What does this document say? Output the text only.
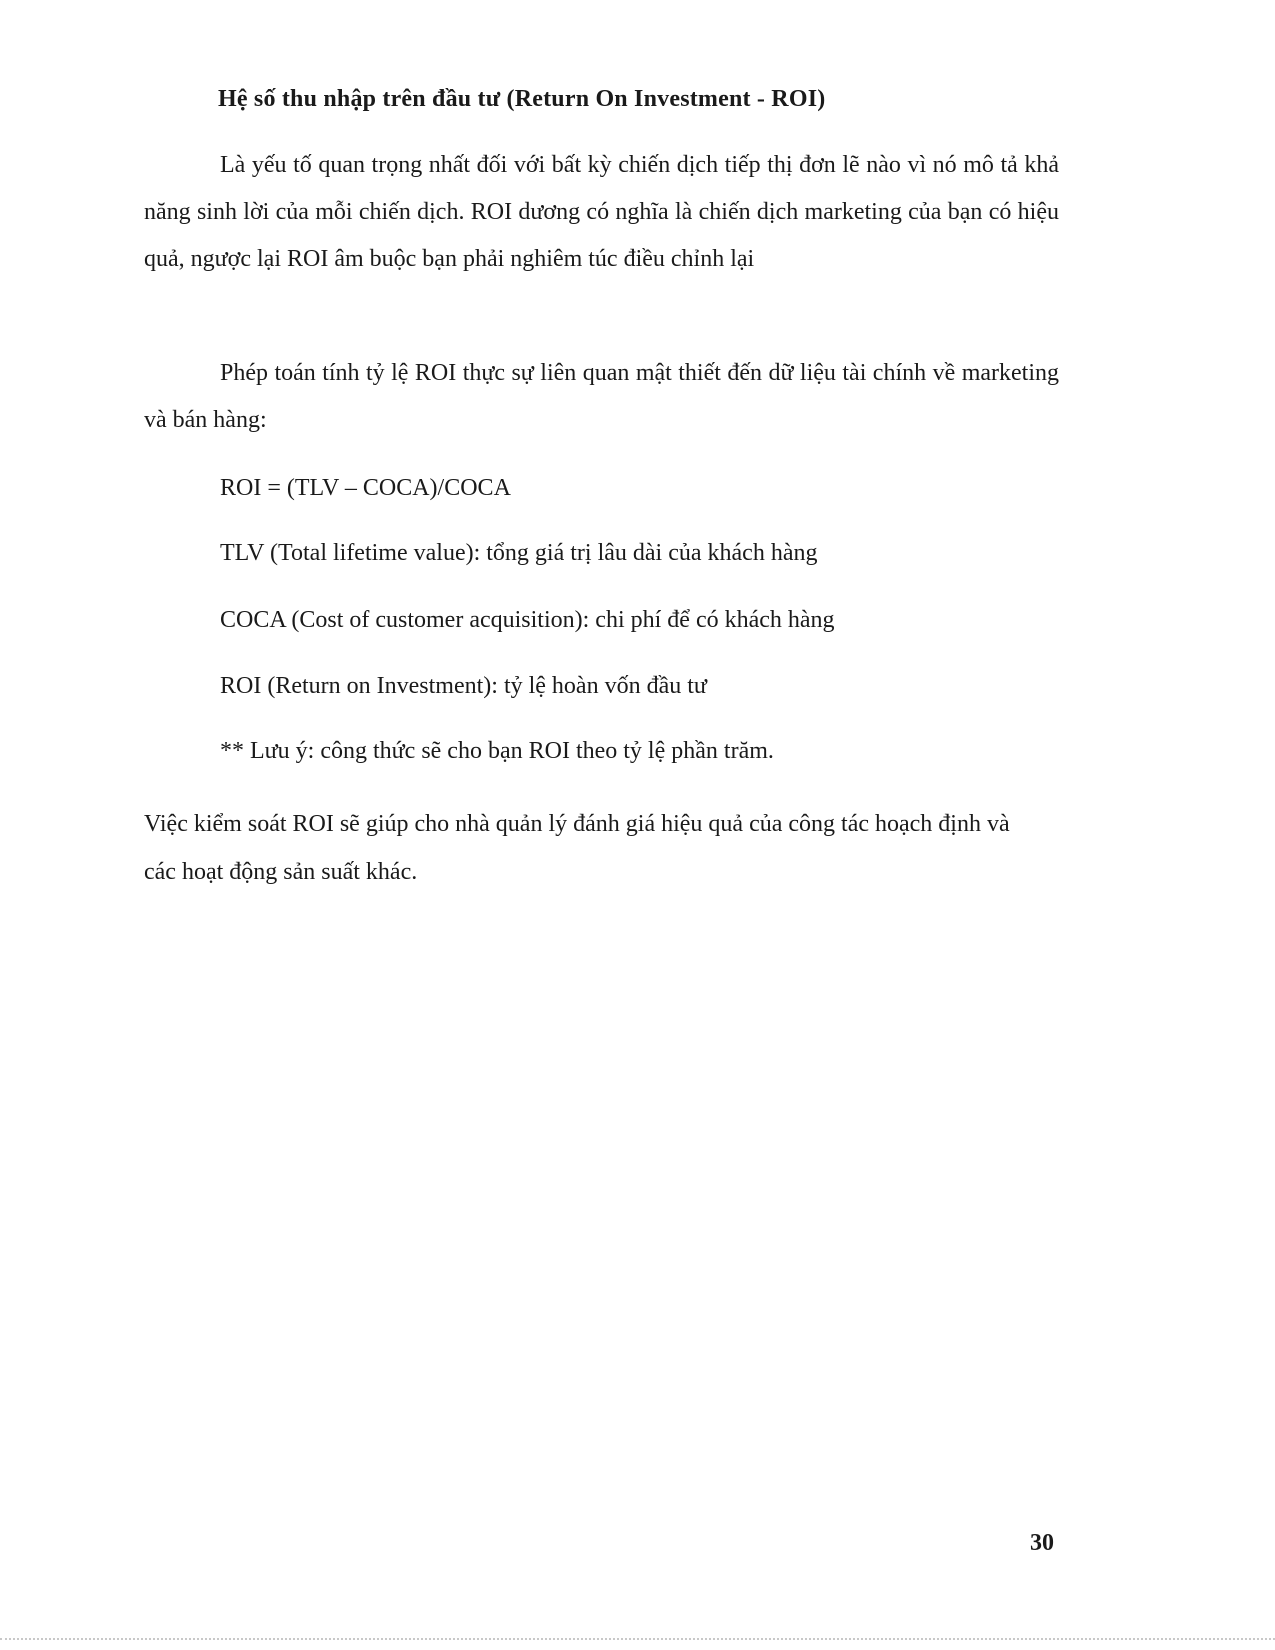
Hệ số thu nhập trên đầu tư (Return On Investment - ROI)
Là yếu tố quan trọng nhất đối với bất kỳ chiến dịch tiếp thị đơn lẽ nào vì nó mô tả khả năng sinh lời của mỗi chiến dịch. ROI dương có nghĩa là chiến dịch marketing của bạn có hiệu quả, ngược lại ROI âm buộc bạn phải nghiêm túc điều chỉnh lại
Phép toán tính tỷ lệ ROI thực sự liên quan mật thiết đến dữ liệu tài chính về marketing và bán hàng:
ROI = (TLV – COCA)/COCA
TLV (Total lifetime value): tổng giá trị lâu dài của khách hàng
COCA (Cost of customer acquisition): chi phí để có khách hàng
ROI (Return on Investment): tỷ lệ hoàn vốn đầu tư
** Lưu ý: công thức sẽ cho bạn ROI theo tỷ lệ phần trăm.
Việc kiểm soát ROI sẽ giúp cho nhà quản lý đánh giá hiệu quả của công tác hoạch định và các hoạt động sản suất khác.
30
